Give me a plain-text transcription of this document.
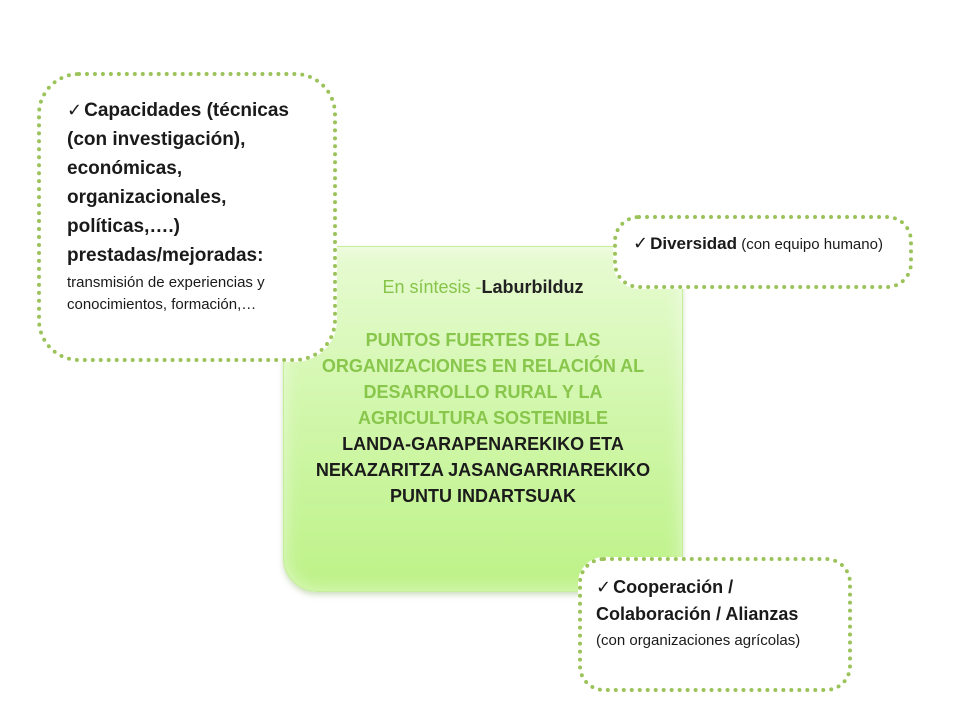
En síntesis -Laburbilduz
PUNTOS FUERTES DE LAS ORGANIZACIONES EN RELACIÓN AL DESARROLLO RURAL Y LA AGRICULTURA SOSTENIBLE
LANDA-GARAPENAREKIKO ETA NEKAZARITZA JASANGARRIAREKIKO PUNTU INDARTSUAK
✓ Capacidades (técnicas (con investigación), económicas, organizacionales, políticas,….) prestadas/mejoradas:
transmisión de experiencias y conocimientos, formación,…
✓ Diversidad (con equipo humano)
✓ Cooperación / Colaboración / Alianzas
(con organizaciones agrícolas)
